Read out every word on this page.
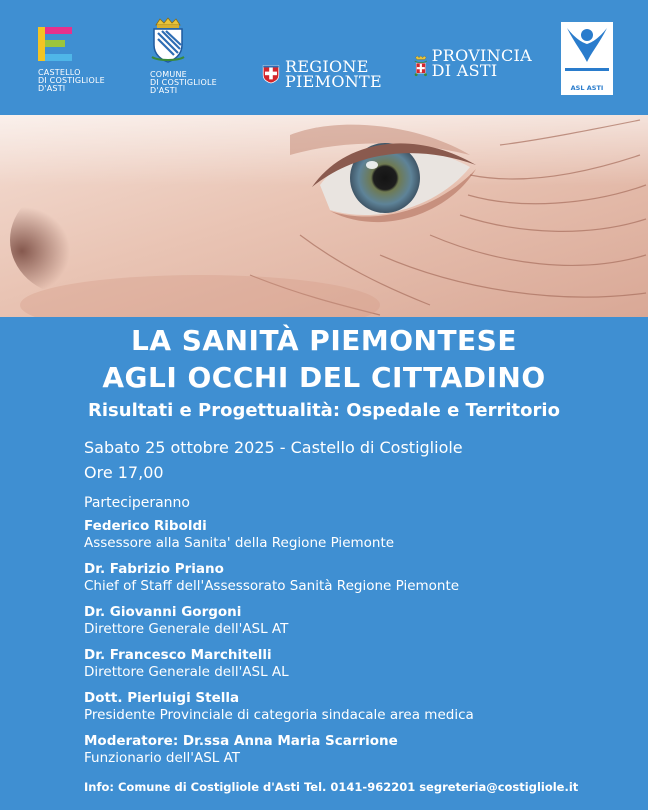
CASTELLO
DI COSTIGLIOLE
D'ASTI
COMUNE
DI COSTIGLIOLE
D'ASTI
REGIONE
PIEMONTE
PROVINCIA
DI ASTI
ASL ASTI
LA SANITÀ PIEMONTESE
AGLI OCCHI DEL CITTADINO
Risultati e Progettualità: Ospedale e Territorio
Sabato 25 ottobre 2025 - Castello di Costigliole
Ore 17,00
Parteciperanno
Federico Riboldi
Assessore alla Sanita' della Regione Piemonte
Dr. Fabrizio Priano
Chief of Staff dell'Assessorato Sanità Regione Piemonte
Dr. Giovanni Gorgoni
Direttore Generale dell'ASL AT
Dr. Francesco Marchitelli
Direttore Generale dell'ASL AL
Dott. Pierluigi Stella
Presidente Provinciale di categoria sindacale area medica
Moderatore: Dr.ssa Anna Maria Scarrione
Funzionario dell'ASL AT
Info: Comune di Costigliole d'Asti Tel. 0141-962201 segreteria@costigliole.it
